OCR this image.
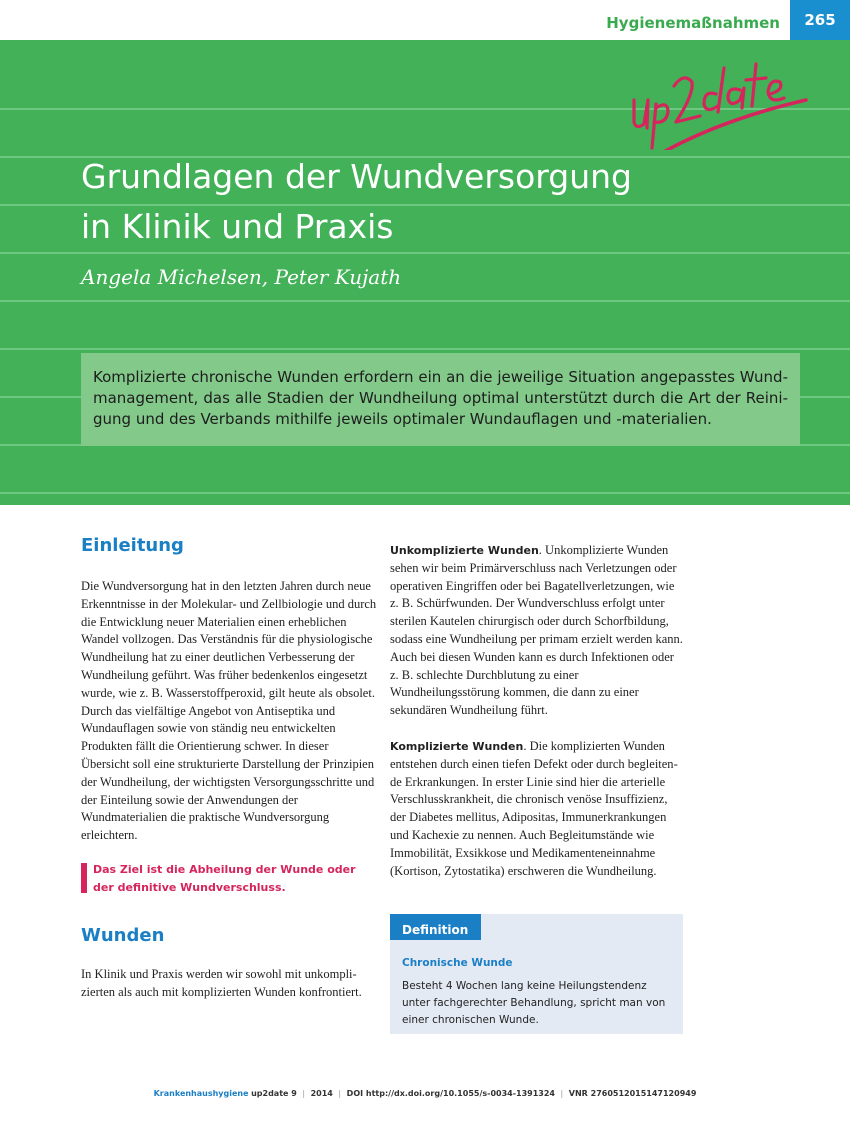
Hygienemaßnahmen	265
Grundlagen der Wundversorgung
in Klinik und Praxis
Angela Michelsen, Peter Kujath

Komplizierte chronische Wunden erfordern ein an die jeweilige Situation angepasstes Wundmanagement, das alle Stadien der Wundheilung optimal unterstützt durch die Art der Reinigung und des Verbands mithilfe jeweils optimaler Wundauflagen und -materialien.

Einleitung

Die Wundversorgung hat in den letzten Jahren durch neue Erkenntnisse in der Molekular- und Zellbiologie und durch die Entwicklung neuer Materialien einen erheblichen Wandel vollzogen. Das Verständnis für die physiologische Wundheilung hat zu einer deutlichen Verbesserung der Wundheilung geführt. Was früher bedenkenlos eingesetzt wurde, wie z. B. Wasserstoffperoxid, gilt heute als obsolet. Durch das vielfältige Angebot von Antiseptika und Wundauflagen sowie von ständig neu entwickelten Produkten fällt die Orientierung schwer. In dieser Übersicht soll eine strukturierte Darstellung der Prinzipien der Wundheilung, der wichtigsten Versorgungsschritte und der Einteilung sowie der Anwendungen der Wundmaterialien die praktische Wundversorgung erleichtern.

Das Ziel ist die Abheilung der Wunde oder der definitive Wundverschluss.
Wunden

In Klinik und Praxis werden wir sowohl mit unkomplizierten als auch mit komplizierten Wunden konfrontiert.

Unkomplizierte Wunden. Unkomplizierte Wunden sehen wir beim Primärverschluss nach Verletzungen oder operativen Eingriffen oder bei Bagatellverletzungen, wie z. B. Schürfwunden. Der Wundverschluss erfolgt unter sterilen Kautelen chirurgisch oder durch Schorfbildung, sodass eine Wundheilung per primam erzielt werden kann. Auch bei diesen Wunden kann es durch Infektionen oder z. B. schlechte Durchblutung zu einer Wundheilungsstörung kommen, die dann zu einer sekundären Wundheilung führt.

Komplizierte Wunden. Die komplizierten Wunden entstehen durch einen tiefen Defekt oder durch begleitende Erkrankungen. In erster Linie sind hier die arterielle Verschlusskrankheit, die chronisch venöse Insuffizienz, der Diabetes mellitus, Adipositas, Immunerkrankungen und Kachexie zu nennen. Auch Begleitumstände wie Immobilität, Exsikkose und Medikamenteneinnahme (Kortison, Zytostatika) erschweren die Wundheilung.

Definition
Chronische Wunde
Besteht 4 Wochen lang keine Heilungstendenz unter fachgerechter Behandlung, spricht man von einer chronischen Wunde.
Krankenhaushygiene up2date 9 | 2014 | DOI http://dx.doi.org/10.1055/s-0034-1391324 | VNR 2760512015147120949
